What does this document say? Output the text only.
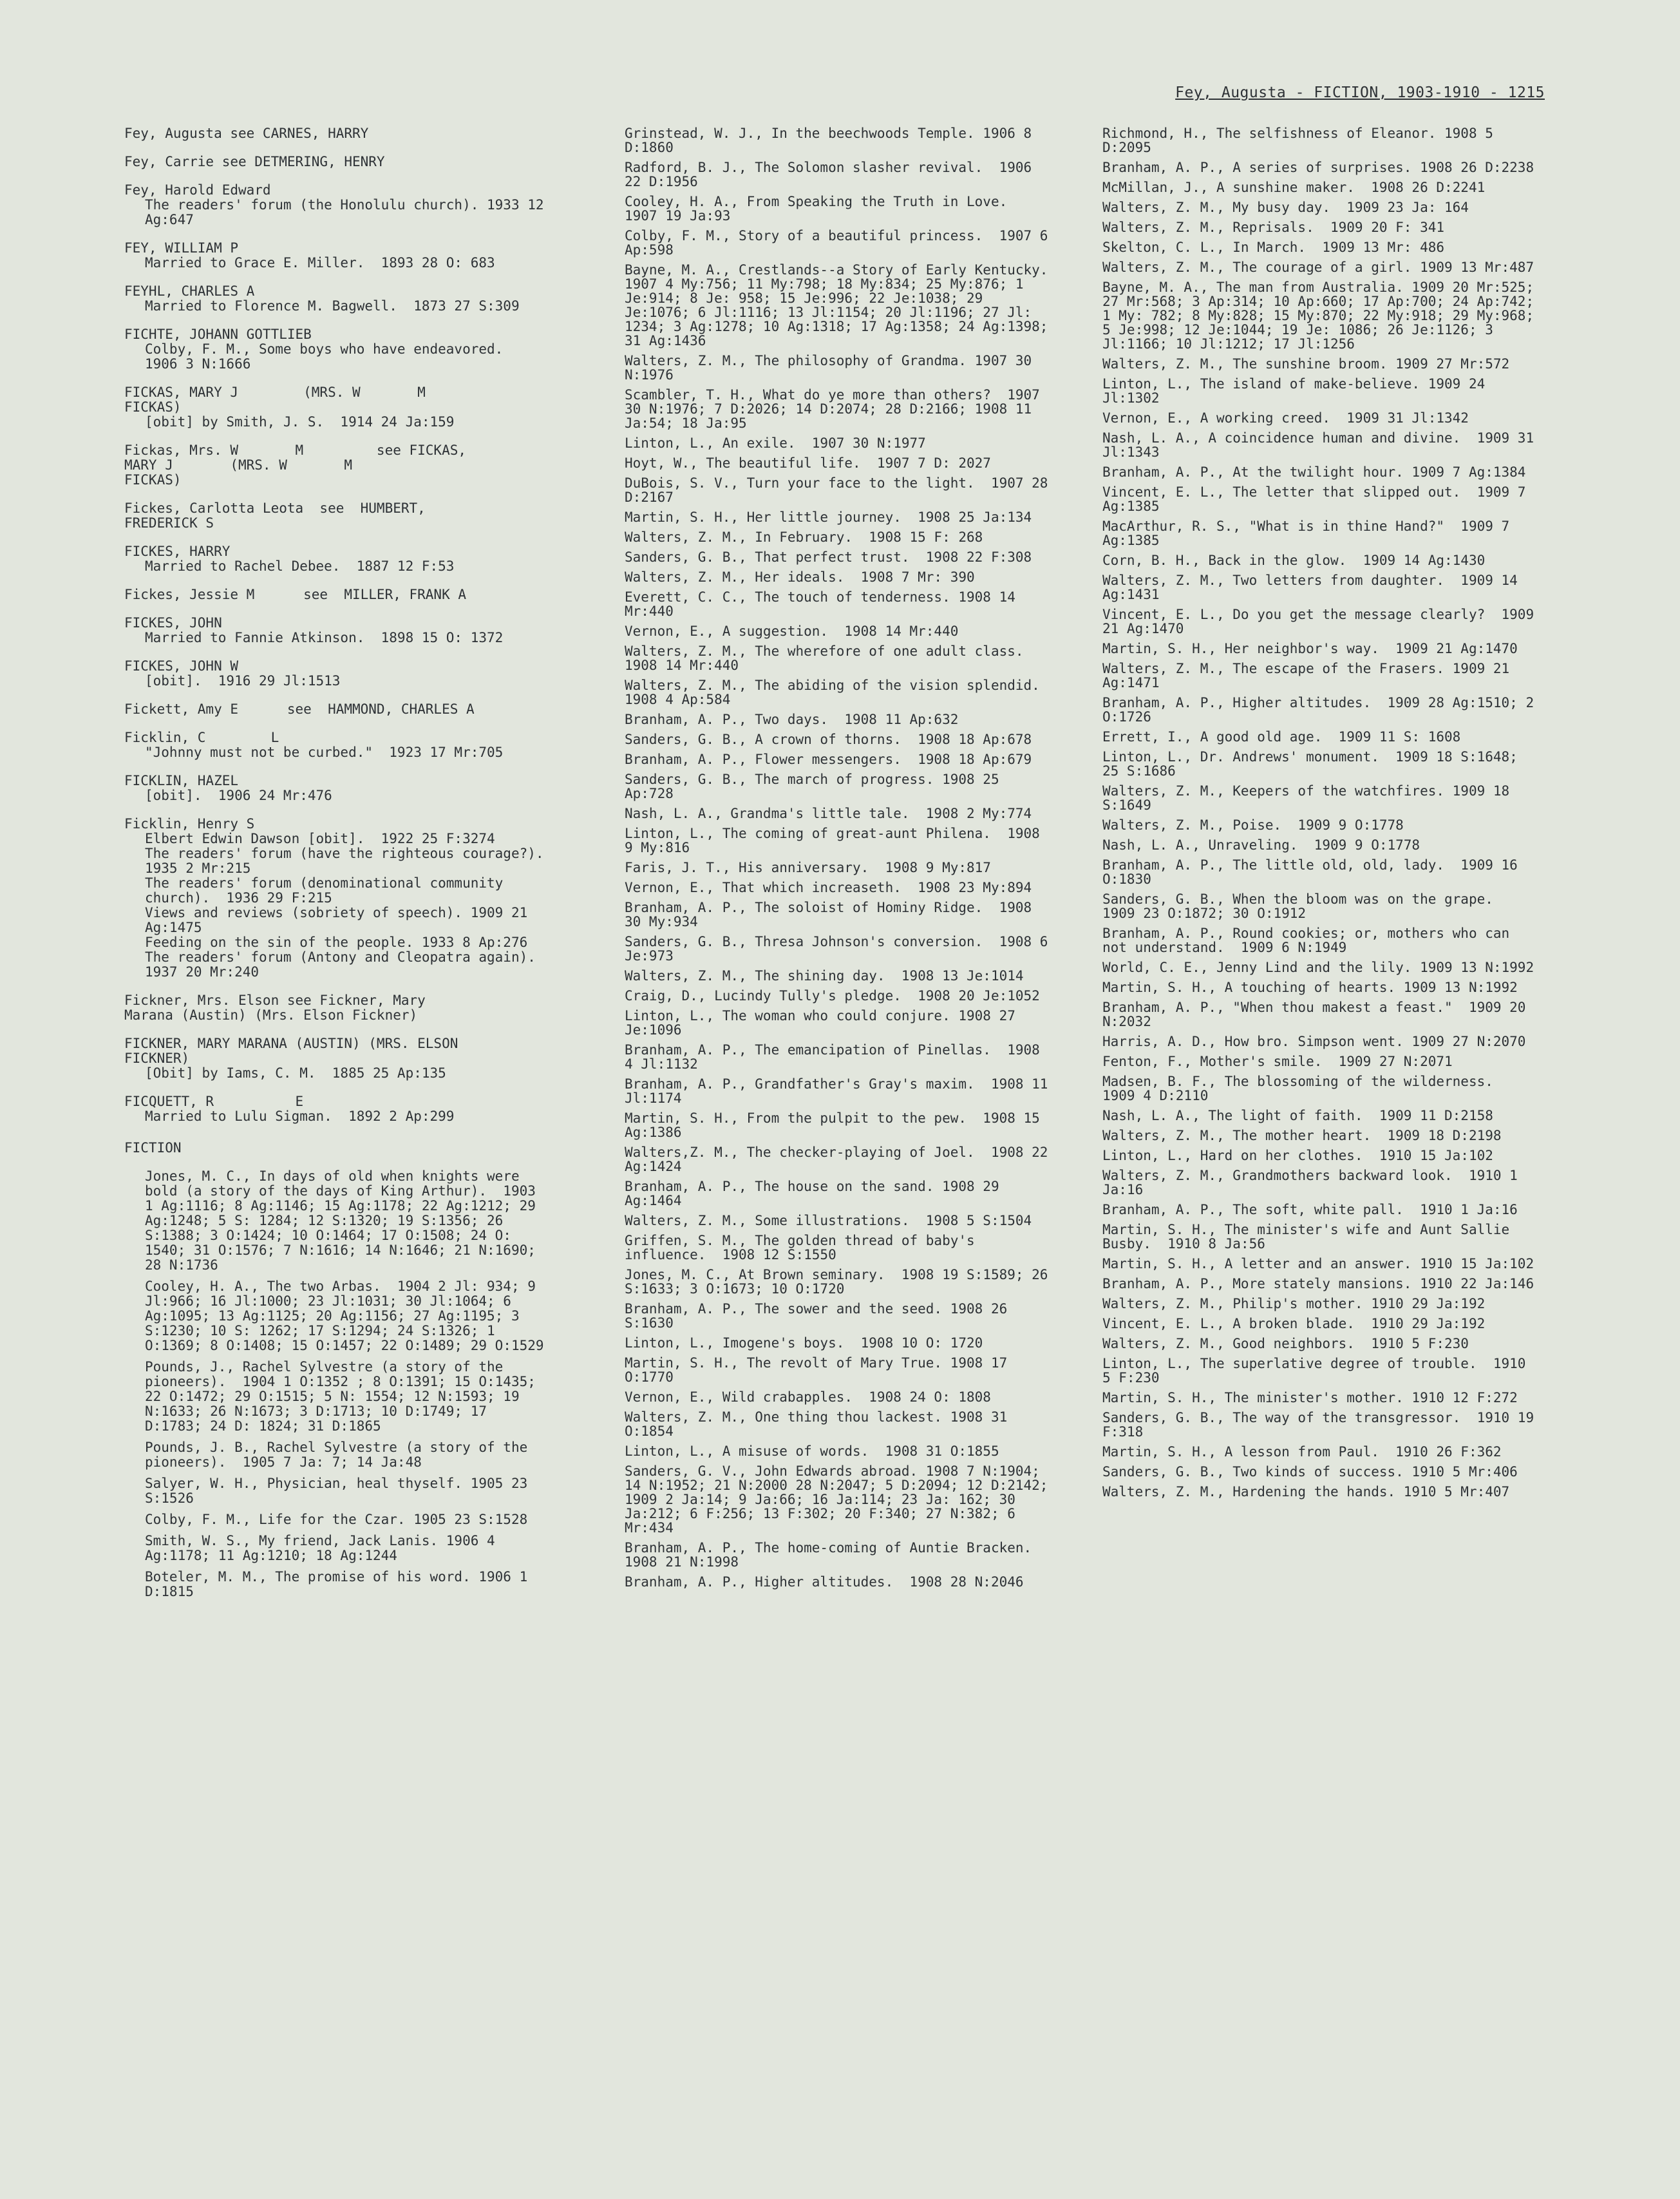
Fey, Augusta - FICTION, 1903-1910 - 1215
Fey, Augusta see CARNES, HARRY
Fey, Carrie see DETMERING, HENRY
Fey, Harold Edward
The readers' forum (the Honolulu church). 1933 12 Ag:647
FEY, WILLIAM P
Married to Grace E. Miller.  1893 28 O: 683
FEYHL, CHARLES A
Married to Florence M. Bagwell.  1873 27 S:309
FICHTE, JOHANN GOTTLIEB
Colby, F. M., Some boys who have endeavored.  1906 3 N:1666
FICKAS, MARY J        (MRS. W       M
FICKAS)
[obit] by Smith, J. S.  1914 24 Ja:159
Fickas, Mrs. W       M         see FICKAS,
MARY J       (MRS. W       M
FICKAS)
Fickes, Carlotta Leota  see  HUMBERT,
FREDERICK S
FICKES, HARRY
Married to Rachel Debee.  1887 12 F:53
Fickes, Jessie M      see  MILLER, FRANK A
FICKES, JOHN
Married to Fannie Atkinson.  1898 15 O: 1372
FICKES, JOHN W
[obit].  1916 29 Jl:1513
Fickett, Amy E      see  HAMMOND, CHARLES A
Ficklin, C        L
"Johnny must not be curbed."  1923 17 Mr:705
FICKLIN, HAZEL
[obit].  1906 24 Mr:476
Ficklin, Henry S
Elbert Edwin Dawson [obit].  1922 25 F:3274
The readers' forum (have the righteous courage?).  1935 2 Mr:215
The readers' forum (denominational community church).  1936 29 F:215
Views and reviews (sobriety of speech). 1909 21 Ag:1475
Feeding on the sin of the people. 1933 8 Ap:276
The readers' forum (Antony and Cleopatra again).  1937 20 Mr:240
Fickner, Mrs. Elson see Fickner, Mary
Marana (Austin) (Mrs. Elson Fickner)
FICKNER, MARY MARANA (AUSTIN) (MRS. ELSON
FICKNER)
[Obit] by Iams, C. M.  1885 25 Ap:135
FICQUETT, R          E
Married to Lulu Sigman.  1892 2 Ap:299
FICTION
Jones, M. C., In days of old when knights were bold (a story of the days of King Arthur).  1903 1 Ag:1116; 8 Ag:1146; 15 Ag:1178; 22 Ag:1212; 29 Ag:1248; 5 S: 1284; 12 S:1320; 19 S:1356; 26 S:1388; 3 O:1424; 10 O:1464; 17 O:1508; 24 O: 1540; 31 O:1576; 7 N:1616; 14 N:1646; 21 N:1690; 28 N:1736
Cooley, H. A., The two Arbas.  1904 2 Jl: 934; 9 Jl:966; 16 Jl:1000; 23 Jl:1031; 30 Jl:1064; 6 Ag:1095; 13 Ag:1125; 20 Ag:1156; 27 Ag:1195; 3 S:1230; 10 S: 1262; 17 S:1294; 24 S:1326; 1 O:1369; 8 O:1408; 15 O:1457; 22 O:1489; 29 O:1529
Pounds, J., Rachel Sylvestre (a story of the pioneers).  1904 1 O:1352 ; 8 O:1391; 15 O:1435; 22 O:1472; 29 O:1515; 5 N: 1554; 12 N:1593; 19 N:1633; 26 N:1673; 3 D:1713; 10 D:1749; 17 D:1783; 24 D: 1824; 31 D:1865
Pounds, J. B., Rachel Sylvestre (a story of the pioneers).  1905 7 Ja: 7; 14 Ja:48
Salyer, W. H., Physician, heal thyself. 1905 23 S:1526
Colby, F. M., Life for the Czar. 1905 23 S:1528
Smith, W. S., My friend, Jack Lanis. 1906 4 Ag:1178; 11 Ag:1210; 18 Ag:1244
Boteler, M. M., The promise of his word. 1906 1 D:1815
Grinstead, W. J., In the beechwoods Temple. 1906 8 D:1860
Radford, B. J., The Solomon slasher revival.  1906 22 D:1956
Cooley, H. A., From Speaking the Truth in Love.  1907 19 Ja:93
Colby, F. M., Story of a beautiful princess.  1907 6 Ap:598
Bayne, M. A., Crestlands--a Story of Early Kentucky.  1907 4 My:756; 11 My:798; 18 My:834; 25 My:876; 1 Je:914; 8 Je: 958; 15 Je:996; 22 Je:1038; 29 Je:1076; 6 Jl:1116; 13 Jl:1154; 20 Jl:1196; 27 Jl: 1234; 3 Ag:1278; 10 Ag:1318; 17 Ag:1358; 24 Ag:1398; 31 Ag:1436
Walters, Z. M., The philosophy of Grandma. 1907 30 N:1976
Scambler, T. H., What do ye more than others?  1907 30 N:1976; 7 D:2026; 14 D:2074; 28 D:2166; 1908 11 Ja:54; 18 Ja:95
Linton, L., An exile.  1907 30 N:1977
Hoyt, W., The beautiful life.  1907 7 D: 2027
DuBois, S. V., Turn your face to the light.  1907 28 D:2167
Martin, S. H., Her little journey.  1908 25 Ja:134
Walters, Z. M., In February.  1908 15 F: 268
Sanders, G. B., That perfect trust.  1908 22 F:308
Walters, Z. M., Her ideals.  1908 7 Mr: 390
Everett, C. C., The touch of tenderness. 1908 14 Mr:440
Vernon, E., A suggestion.  1908 14 Mr:440
Walters, Z. M., The wherefore of one adult class.  1908 14 Mr:440
Walters, Z. M., The abiding of the vision splendid.  1908 4 Ap:584
Branham, A. P., Two days.  1908 11 Ap:632
Sanders, G. B., A crown of thorns.  1908 18 Ap:678
Branham, A. P., Flower messengers.  1908 18 Ap:679
Sanders, G. B., The march of progress. 1908 25 Ap:728
Nash, L. A., Grandma's little tale.  1908 2 My:774
Linton, L., The coming of great-aunt Philena.  1908 9 My:816
Faris, J. T., His anniversary.  1908 9 My:817
Vernon, E., That which increaseth.  1908 23 My:894
Branham, A. P., The soloist of Hominy Ridge.  1908 30 My:934
Sanders, G. B., Thresa Johnson's conversion.  1908 6 Je:973
Walters, Z. M., The shining day.  1908 13 Je:1014
Craig, D., Lucindy Tully's pledge.  1908 20 Je:1052
Linton, L., The woman who could conjure. 1908 27 Je:1096
Branham, A. P., The emancipation of Pinellas.  1908 4 Jl:1132
Branham, A. P., Grandfather's Gray's maxim.  1908 11 Jl:1174
Martin, S. H., From the pulpit to the pew.  1908 15 Ag:1386
Walters,Z. M., The checker-playing of Joel.  1908 22 Ag:1424
Branham, A. P., The house on the sand. 1908 29 Ag:1464
Walters, Z. M., Some illustrations.  1908 5 S:1504
Griffen, S. M., The golden thread of baby's influence.  1908 12 S:1550
Jones, M. C., At Brown seminary.  1908 19 S:1589; 26 S:1633; 3 O:1673; 10 O:1720
Branham, A. P., The sower and the seed. 1908 26 S:1630
Linton, L., Imogene's boys.  1908 10 O: 1720
Martin, S. H., The revolt of Mary True. 1908 17 O:1770
Vernon, E., Wild crabapples.  1908 24 O: 1808
Walters, Z. M., One thing thou lackest. 1908 31 O:1854
Linton, L., A misuse of words.  1908 31 O:1855
Sanders, G. V., John Edwards abroad. 1908 7 N:1904; 14 N:1952; 21 N:2000 28 N:2047; 5 D:2094; 12 D:2142; 1909 2 Ja:14; 9 Ja:66; 16 Ja:114; 23 Ja: 162; 30 Ja:212; 6 F:256; 13 F:302; 20 F:340; 27 N:382; 6 Mr:434
Branham, A. P., The home-coming of Auntie Bracken.  1908 21 N:1998
Branham, A. P., Higher altitudes.  1908 28 N:2046
Richmond, H., The selfishness of Eleanor. 1908 5 D:2095
Branham, A. P., A series of surprises. 1908 26 D:2238
McMillan, J., A sunshine maker.  1908 26 D:2241
Walters, Z. M., My busy day.  1909 23 Ja: 164
Walters, Z. M., Reprisals.  1909 20 F: 341
Skelton, C. L., In March.  1909 13 Mr: 486
Walters, Z. M., The courage of a girl. 1909 13 Mr:487
Bayne, M. A., The man from Australia. 1909 20 Mr:525; 27 Mr:568; 3 Ap:314; 10 Ap:660; 17 Ap:700; 24 Ap:742; 1 My: 782; 8 My:828; 15 My:870; 22 My:918; 29 My:968; 5 Je:998; 12 Je:1044; 19 Je: 1086; 26 Je:1126; 3 Jl:1166; 10 Jl:1212; 17 Jl:1256
Walters, Z. M., The sunshine broom. 1909 27 Mr:572
Linton, L., The island of make-believe. 1909 24 Jl:1302
Vernon, E., A working creed.  1909 31 Jl:1342
Nash, L. A., A coincidence human and divine.  1909 31 Jl:1343
Branham, A. P., At the twilight hour. 1909 7 Ag:1384
Vincent, E. L., The letter that slipped out.  1909 7 Ag:1385
MacArthur, R. S., "What is in thine Hand?"  1909 7 Ag:1385
Corn, B. H., Back in the glow.  1909 14 Ag:1430
Walters, Z. M., Two letters from daughter.  1909 14 Ag:1431
Vincent, E. L., Do you get the message clearly?  1909 21 Ag:1470
Martin, S. H., Her neighbor's way.  1909 21 Ag:1470
Walters, Z. M., The escape of the Frasers. 1909 21 Ag:1471
Branham, A. P., Higher altitudes.  1909 28 Ag:1510; 2 O:1726
Errett, I., A good old age.  1909 11 S: 1608
Linton, L., Dr. Andrews' monument.  1909 18 S:1648; 25 S:1686
Walters, Z. M., Keepers of the watchfires. 1909 18 S:1649
Walters, Z. M., Poise.  1909 9 O:1778
Nash, L. A., Unraveling.  1909 9 O:1778
Branham, A. P., The little old, old, lady.  1909 16 O:1830
Sanders, G. B., When the bloom was on the grape.  1909 23 O:1872; 30 O:1912
Branham, A. P., Round cookies; or, mothers who can not understand.  1909 6 N:1949
World, C. E., Jenny Lind and the lily. 1909 13 N:1992
Martin, S. H., A touching of hearts. 1909 13 N:1992
Branham, A. P., "When thou makest a feast."  1909 20 N:2032
Harris, A. D., How bro. Simpson went. 1909 27 N:2070
Fenton, F., Mother's smile.  1909 27 N:2071
Madsen, B. F., The blossoming of the wilderness.  1909 4 D:2110
Nash, L. A., The light of faith.  1909 11 D:2158
Walters, Z. M., The mother heart.  1909 18 D:2198
Linton, L., Hard on her clothes.  1910 15 Ja:102
Walters, Z. M., Grandmothers backward look.  1910 1 Ja:16
Branham, A. P., The soft, white pall.  1910 1 Ja:16
Martin, S. H., The minister's wife and Aunt Sallie Busby.  1910 8 Ja:56
Martin, S. H., A letter and an answer. 1910 15 Ja:102
Branham, A. P., More stately mansions. 1910 22 Ja:146
Walters, Z. M., Philip's mother. 1910 29 Ja:192
Vincent, E. L., A broken blade.  1910 29 Ja:192
Walters, Z. M., Good neighbors.  1910 5 F:230
Linton, L., The superlative degree of trouble.  1910 5 F:230
Martin, S. H., The minister's mother. 1910 12 F:272
Sanders, G. B., The way of the transgressor.  1910 19 F:318
Martin, S. H., A lesson from Paul.  1910 26 F:362
Sanders, G. B., Two kinds of success. 1910 5 Mr:406
Walters, Z. M., Hardening the hands. 1910 5 Mr:407
